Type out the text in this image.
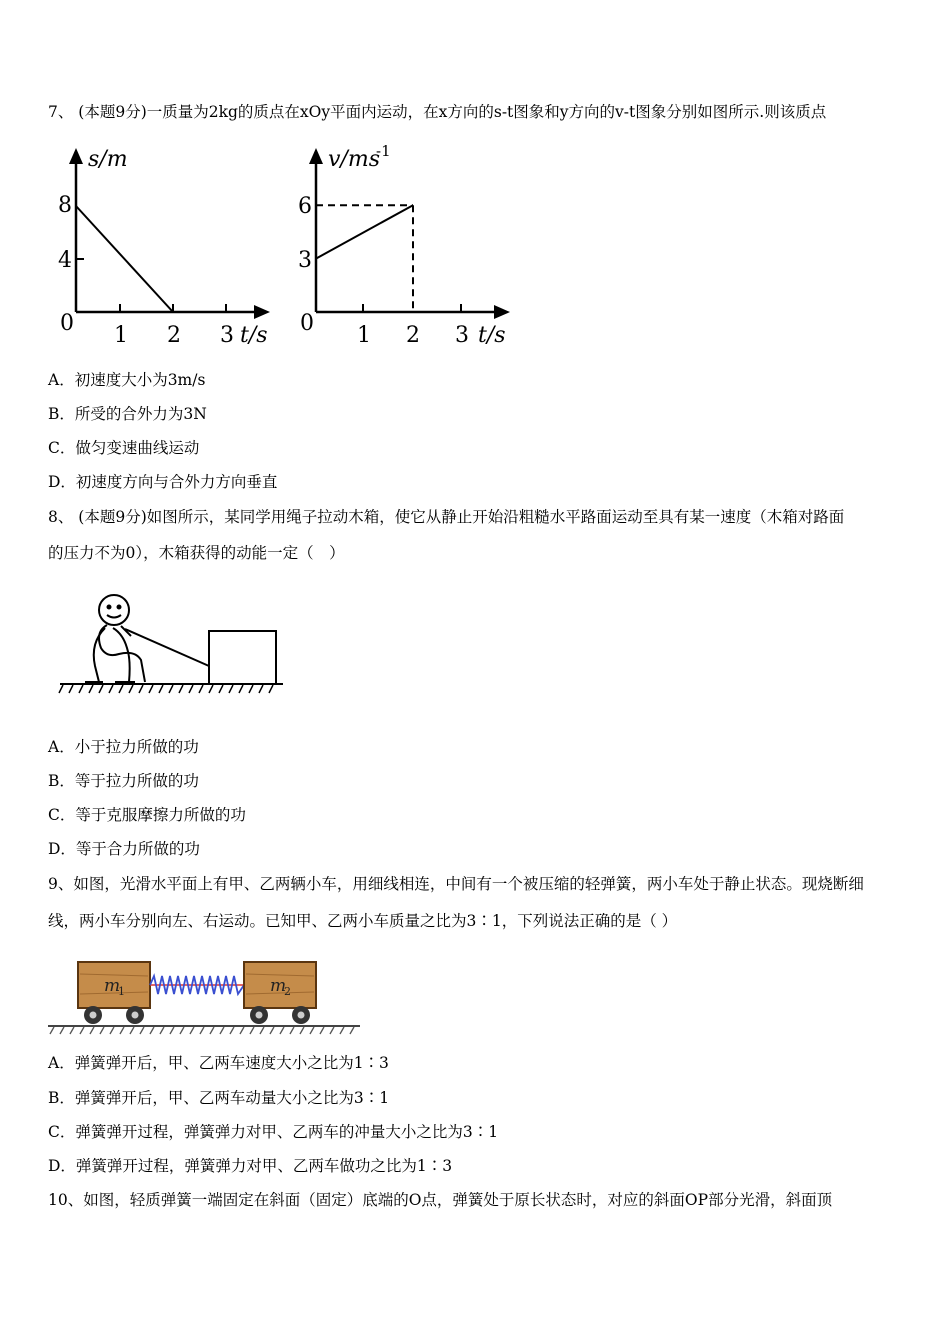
7、 (本题9分)一质量为2kg的质点在xOy平面内运动，在x方向的s-t图象和y方向的v-t图象分别如图所示.则该质点
s/m
8
4
0 1 2 3 t/s
v/ms
-1
6
3
0 1 2 3 t/s
A．初速度大小为3m/s
B．所受的合外力为3N
C．做匀变速曲线运动
D．初速度方向与合外力方向垂直
8、 (本题9分)如图所示，某同学用绳子拉动木箱，使它从静止开始沿粗糙水平路面运动至具有某一速度（木箱对路面
的压力不为0），木箱获得的动能一定（　）
A．小于拉力所做的功
B．等于拉力所做的功
C．等于克服摩擦力所做的功
D．等于合力所做的功
9、如图，光滑水平面上有甲、乙两辆小车，用细线相连，中间有一个被压缩的轻弹簧，两小车处于静止状态。现烧断细
线，两小车分别向左、右运动。已知甲、乙两小车质量之比为3∶1，下列说法正确的是（ ）
m
1	m
2
A．弹簧弹开后，甲、乙两车速度大小之比为1∶3
B．弹簧弹开后，甲、乙两车动量大小之比为3∶1
C．弹簧弹开过程，弹簧弹力对甲、乙两车的冲量大小之比为3∶1
D．弹簧弹开过程，弹簧弹力对甲、乙两车做功之比为1∶3
10、如图，轻质弹簧一端固定在斜面（固定）底端的O点，弹簧处于原长状态时，对应的斜面OP部分光滑，斜面顶
